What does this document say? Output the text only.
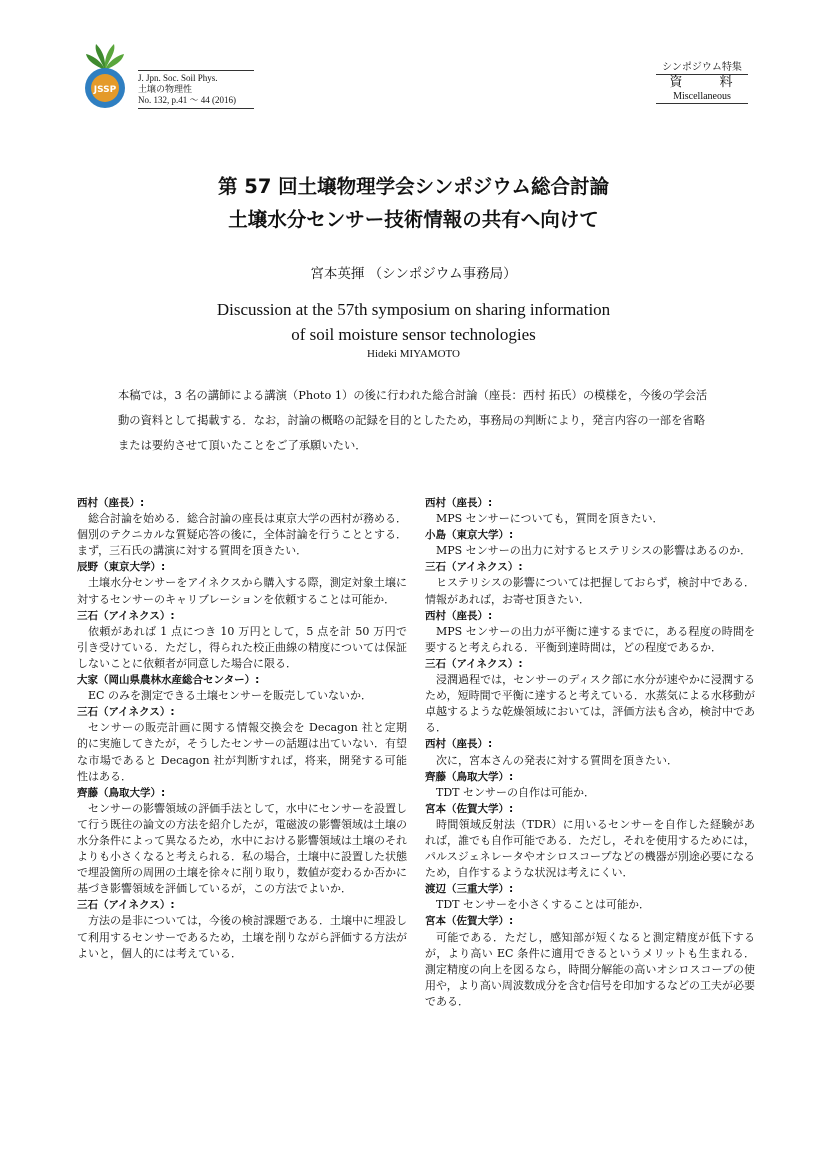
JSSP
J. Jpn. Soc. Soil Phys.
土壌の物理性
No. 132, p.41 ～ 44 (2016)
シンポジウム特集
資　料
Miscellaneous
第 57 回土壌物理学会シンポジウム総合討論
土壌水分センサー技術情報の共有へ向けて
宮本英揮 （シンポジウム事務局）
Discussion at the 57th symposium on sharing information
of soil moisture sensor technologies
Hideki MIYAMOTO
本稿では，3 名の講師による講演（Photo 1）の後に行われた総合討論（座長：西村 拓氏）の模様を，今後の学会活動の資料として掲載する．なお，討論の概略の記録を目的としたため，事務局の判断により，発言内容の一部を省略または要約させて頂いたことをご了承願いたい．
西村（座長）:
総合討論を始める．総合討論の座長は東京大学の西村が務める．個別のテクニカルな質疑応答の後に，全体討論を行うこととする．まず，三石氏の講演に対する質問を頂きたい．
辰野（東京大学）:
土壌水分センサーをアイネクスから購入する際，測定対象土壌に対するセンサーのキャリブレーションを依頼することは可能か．
三石（アイネクス）:
依頼があれば 1 点につき 10 万円として，5 点を計 50 万円で引き受けている．ただし，得られた校正曲線の精度については保証しないことに依頼者が同意した場合に限る．
大家（岡山県農林水産総合センター）:
EC のみを測定できる土壌センサーを販売していないか．
三石（アイネクス）:
センサーの販売計画に関する情報交換会を Decagon 社と定期的に実施してきたが，そうしたセンサーの話題は出ていない．有望な市場であると Decagon 社が判断すれば，将来，開発する可能性はある．
齊藤（鳥取大学）:
センサーの影響領域の評価手法として，水中にセンサーを設置して行う既往の論文の方法を紹介したが，電磁波の影響領域は土壌の水分条件によって異なるため，水中における影響領域は土壌のそれよりも小さくなると考えられる．私の場合，土壌中に設置した状態で埋設箇所の周囲の土壌を徐々に削り取り，数値が変わるか否かに基づき影響領域を評価しているが，この方法でよいか．
三石（アイネクス）:
方法の是非については，今後の検討課題である．土壌中に埋設して利用するセンサーであるため，土壌を削りながら評価する方法がよいと，個人的には考えている．
西村（座長）:
MPS センサーについても，質問を頂きたい．
小島（東京大学）:
MPS センサーの出力に対するヒステリシスの影響はあるのか．
三石（アイネクス）:
ヒステリシスの影響については把握しておらず，検討中である．情報があれば，お寄せ頂きたい．
西村（座長）:
MPS センサーの出力が平衡に達するまでに，ある程度の時間を要すると考えられる．平衡到達時間は，どの程度であるか．
三石（アイネクス）:
浸潤過程では，センサーのディスク部に水分が速やかに浸潤するため，短時間で平衡に達すると考えている．水蒸気による水移動が卓越するような乾燥領域においては，評価方法も含め，検討中である．
西村（座長）:
次に，宮本さんの発表に対する質問を頂きたい．
齊藤（鳥取大学）:
TDT センサーの自作は可能か．
宮本（佐賀大学）:
時間領域反射法（TDR）に用いるセンサーを自作した経験があれば，誰でも自作可能である．ただし，それを使用するためには，パルスジェネレータやオシロスコープなどの機器が別途必要になるため，自作するような状況は考えにくい．
渡辺（三重大学）:
TDT センサーを小さくすることは可能か．
宮本（佐賀大学）:
可能である．ただし，感知部が短くなると測定精度が低下するが，より高い EC 条件に適用できるというメリットも生まれる．測定精度の向上を図るなら，時間分解能の高いオシロスコープの使用や，より高い周波数成分を含む信号を印加するなどの工夫が必要である．
